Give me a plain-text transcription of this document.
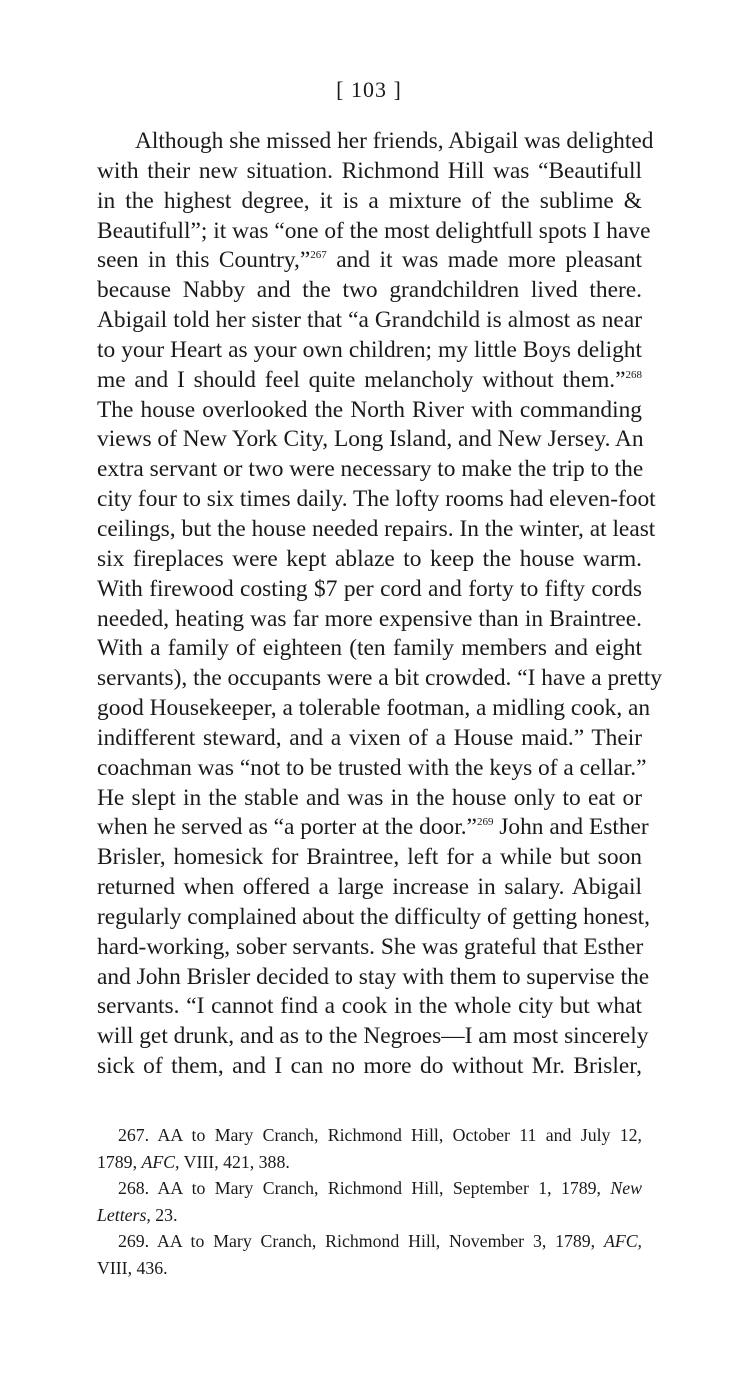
[ 103 ]
Although she missed her friends, Abigail was delighted
with their new situation. Richmond Hill was “Beautifull
in the highest degree, it is a mixture of the sublime &
Beautifull”; it was “one of the most delightfull spots I have
seen in this Country,”$^{267}$ and it was made more pleasant
because Nabby and the two grandchildren lived there.
Abigail told her sister that “a Grandchild is almost as near
to your Heart as your own children; my little Boys delight
me and I should feel quite melancholy without them.”$^{268}$
The house overlooked the North River with commanding
views of New York City, Long Island, and New Jersey. An
extra servant or two were necessary to make the trip to the
city four to six times daily. The lofty rooms had eleven-foot
ceilings, but the house needed repairs. In the winter, at least
six fireplaces were kept ablaze to keep the house warm.
With firewood costing $7 per cord and forty to fifty cords
needed, heating was far more expensive than in Braintree.
With a family of eighteen (ten family members and eight
servants), the occupants were a bit crowded. “I have a pretty
good Housekeeper, a tolerable footman, a midling cook, an
indifferent steward, and a vixen of a House maid.” Their
coachman was “not to be trusted with the keys of a cellar.”
He slept in the stable and was in the house only to eat or
when he served as “a porter at the door.”$^{269}$ John and Esther
Brisler, homesick for Braintree, left for a while but soon
returned when offered a large increase in salary. Abigail
regularly complained about the difficulty of getting honest,
hard-working, sober servants. She was grateful that Esther
and John Brisler decided to stay with them to supervise the
servants. “I cannot find a cook in the whole city but what
will get drunk, and as to the Negroes—I am most sincerely
sick of them, and I can no more do without Mr. Brisler,
267. AA to Mary Cranch, Richmond Hill, October 11 and July 12,
1789, AFC, VIII, 421, 388.
268. AA to Mary Cranch, Richmond Hill, September 1, 1789, New
Letters, 23.
269. AA to Mary Cranch, Richmond Hill, November 3, 1789, AFC,
VIII, 436.
